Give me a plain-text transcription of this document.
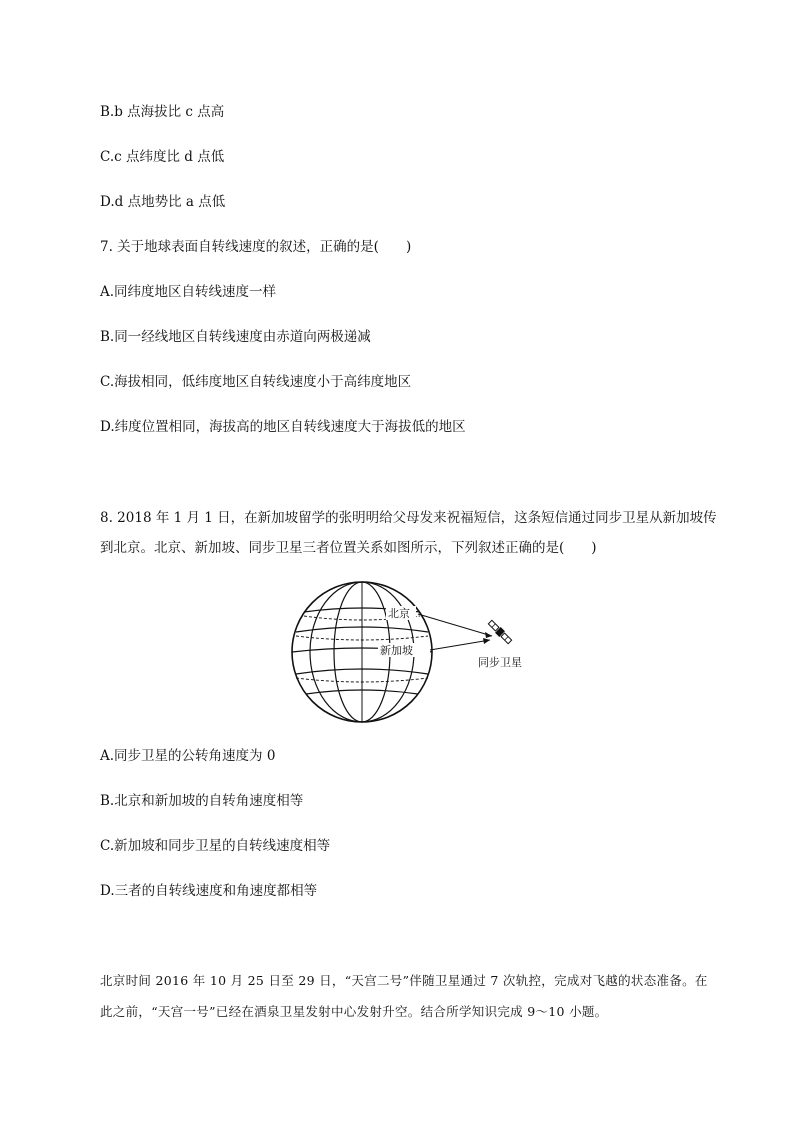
B.b 点海拔比 c 点高
C.c 点纬度比 d 点低
D.d 点地势比 a 点低
7. 关于地球表面自转线速度的叙述，正确的是(　　)
A.同纬度地区自转线速度一样
B.同一经线地区自转线速度由赤道向两极递减
C.海拔相同，低纬度地区自转线速度小于高纬度地区
D.纬度位置相同，海拔高的地区自转线速度大于海拔低的地区
8. 2018 年 1 月 1 日，在新加坡留学的张明明给父母发来祝福短信，这条短信通过同步卫星从新加坡传
到北京。北京、新加坡、同步卫星三者位置关系如图所示，下列叙述正确的是(　　)
北京
新加坡
同步卫星
A.同步卫星的公转角速度为 0
B.北京和新加坡的自转角速度相等
C.新加坡和同步卫星的自转线速度相等
D.三者的自转线速度和角速度都相等
北京时间 2016 年 10 月 25 日至 29 日，“天宫二号”伴随卫星通过 7 次轨控，完成对飞越的状态准备。在
此之前，“天宫一号”已经在酒泉卫星发射中心发射升空。结合所学知识完成 9～10 小题。
